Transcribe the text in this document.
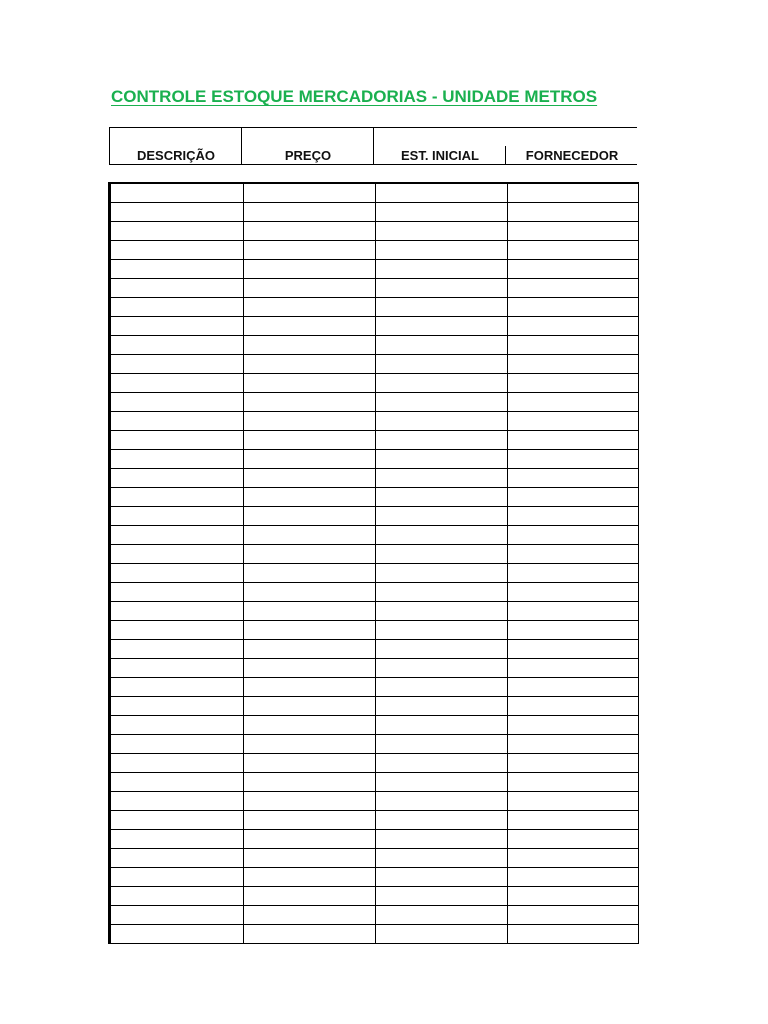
CONTROLE ESTOQUE MERCADORIAS - UNIDADE METROS
DESCRIÇÃO	PREÇO	EST. INICIAL	FORNECEDOR
